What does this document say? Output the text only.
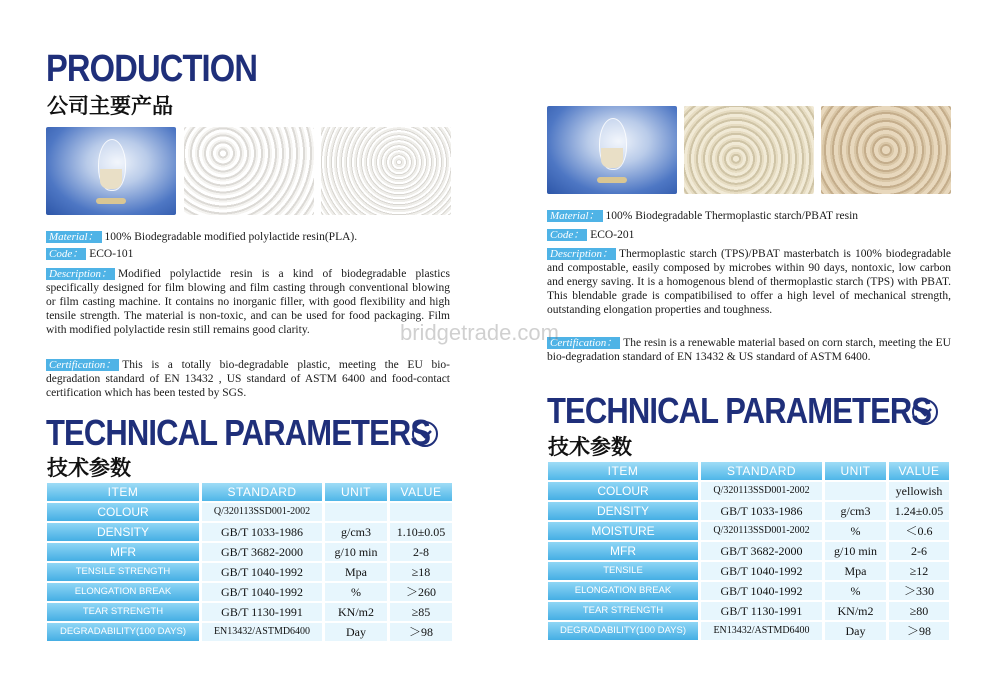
PRODUCTION
公司主要产品
Material： 100% Biodegradable modified polylactide resin(PLA).
Code： ECO-101
Description： Modified polylactide resin is a kind of biodegradable plastics specifically designed for film blowing and film casting through conventional blowing or film casting machine. It contains no inorganic filler, with good flexibility and high tensile strength. The material is non-toxic, and can be used for food packaging. Film with modified polylactide resin still remains good clarity.
Certification： This is a totally bio-degradable plastic, meeting the EU bio-degradation standard of EN 13432 , US standard of ASTM 6400 and food-contact certification which has been tested by SGS.
TECHNICAL PARAMETERS
技术参数
ITEM	STANDARD	UNIT	VALUE
COLOUR	Q/320113SSD001-2002		
DENSITY	GB/T 1033-1986	g/cm3	1.10±0.05
MFR	GB/T 3682-2000	g/10 min	2-8
TENSILE STRENGTH	GB/T 1040-1992	Mpa	≥18
ELONGATION BREAK	GB/T 1040-1992	%	＞260
TEAR STRENGTH	GB/T 1130-1991	KN/m2	≥85
DEGRADABILITY(100 DAYS)	EN13432/ASTMD6400	Day	＞98
Material： 100% Biodegradable Thermoplastic starch/PBAT resin
Code： ECO-201
Description： Thermoplastic starch (TPS)/PBAT masterbatch is 100% biodegradable and compostable, easily composed by microbes within 90 days, nontoxic, low carbon and energy saving. It is a homogenous blend of thermoplastic starch (TPS) with PBAT. This blendable grade is compatibilised to offer a high level of mechanical strength, outstanding elongation properties and toughness.
Certification： The resin is a renewable material based on corn starch, meeting the EU bio-degradation standard of EN 13432 & US standard of ASTM 6400.
TECHNICAL PARAMETERS
技术参数
ITEM	STANDARD	UNIT	VALUE
COLOUR	Q/320113SSD001-2002		yellowish
DENSITY	GB/T 1033-1986	g/cm3	1.24±0.05
MOISTURE	Q/320113SSD001-2002	%	＜0.6
MFR	GB/T 3682-2000	g/10 min	2-6
TENSILE	GB/T 1040-1992	Mpa	≥12
ELONGATION BREAK	GB/T 1040-1992	%	＞330
TEAR STRENGTH	GB/T 1130-1991	KN/m2	≥80
DEGRADABILITY(100 DAYS)	EN13432/ASTMD6400	Day	＞98
bridgetrade.com
